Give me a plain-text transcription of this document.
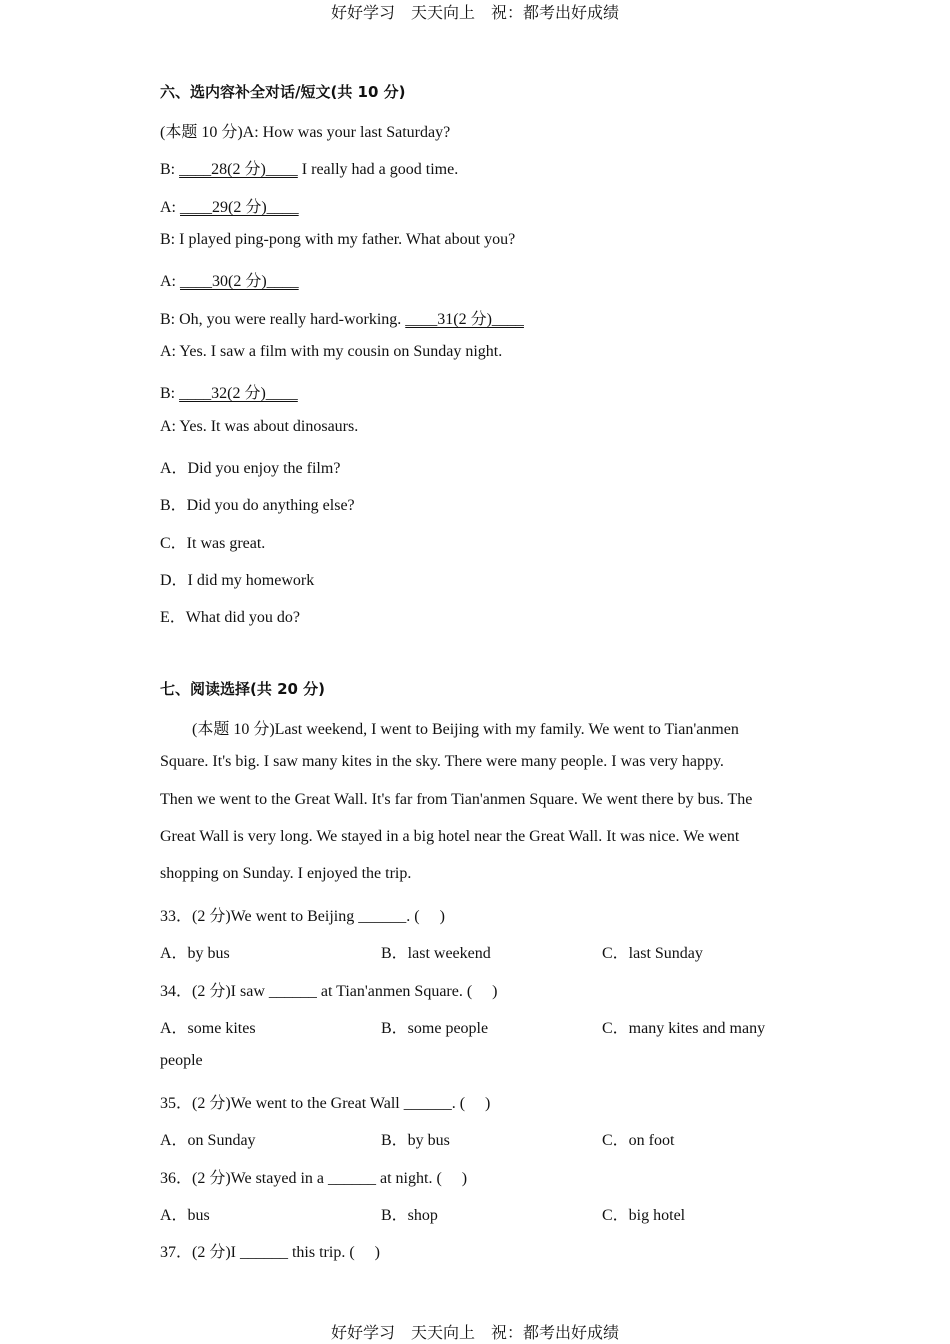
好好学习　天天向上　祝：都考出好成绩
六、选内容补全对话/短文(共 10 分)
(本题 10 分)A: How was your last Saturday?
B: ____28(2 分)____ I really had a good time.
A: ____29(2 分)____
B: I played ping-pong with my father. What about you?
A: ____30(2 分)____
B: Oh, you were really hard-working. ____31(2 分)____
A: Yes. I saw a film with my cousin on Sunday night.
B: ____32(2 分)____
A: Yes. It was about dinosaurs.
A．Did you enjoy the film?
B．Did you do anything else?
C．It was great.
D．I did my homework
E．What did you do?
七、阅读选择(共 20 分)
(本题 10 分)Last weekend, I went to Beijing with my family. We went to Tian'anmen
Square. It's big. I saw many kites in the sky. There were many people. I was very happy.
Then we went to the Great Wall. It's far from Tian'anmen Square. We went there by bus. The
Great Wall is very long. We stayed in a big hotel near the Great Wall. It was nice. We went
shopping on Sunday. I enjoyed the trip.
33．(2 分)We went to Beijing ______. (　 )
A．by bus	B．last weekend	C．last Sunday
34．(2 分)I saw ______ at Tian'anmen Square. (　 )
A．some kites	B．some people	C．many kites and many
people
35．(2 分)We went to the Great Wall ______. (　 )
A．on Sunday	B．by bus	C．on foot
36．(2 分)We stayed in a ______ at night. (　 )
A．bus	B．shop	C．big hotel
37．(2 分)I ______ this trip. (　 )
好好学习　天天向上　祝：都考出好成绩
